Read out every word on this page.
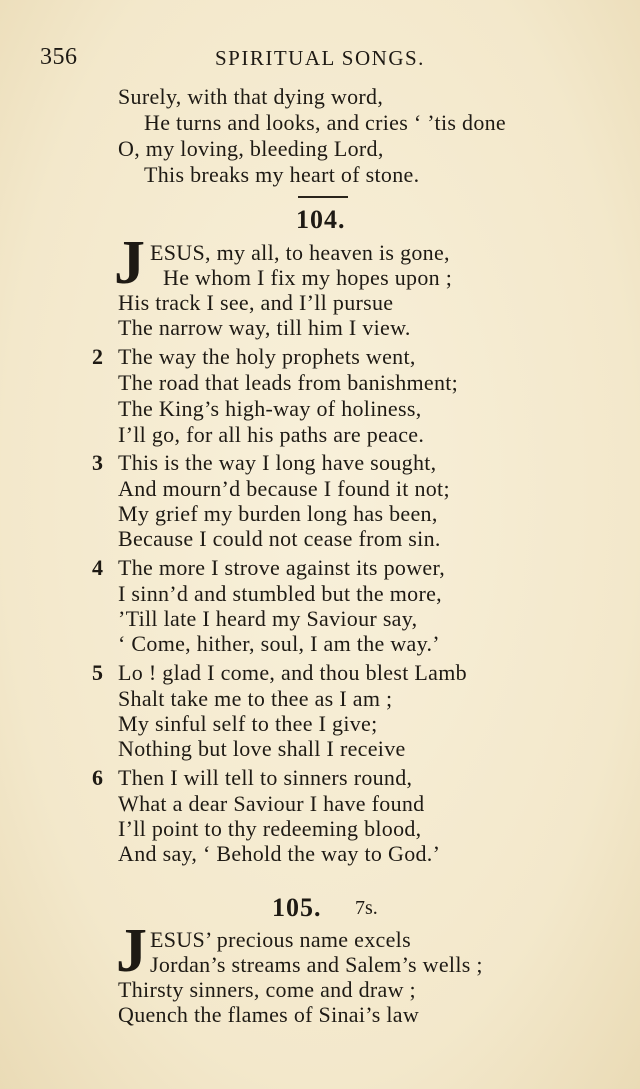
356	SPIRITUAL SONGS.
Surely, with that dying word,
He turns and looks, and cries ‘ ’tis done
O, my loving, bleeding Lord,
This breaks my heart of stone.
104.
J ESUS, my all, to heaven is gone,
He whom I fix my hopes upon ;
His track I see, and I’ll pursue
The narrow way, till him I view.
2 The way the holy prophets went,
The road that leads from banishment;
The King’s high-way of holiness,
I’ll go, for all his paths are peace.
3 This is the way I long have sought,
And mourn’d because I found it not;
My grief my burden long has been,
Because I could not cease from sin.
4 The more I strove against its power,
I sinn’d and stumbled but the more,
’Till late I heard my Saviour say,
‘ Come, hither, soul, I am the way.’
5 Lo ! glad I come, and thou blest Lamb
Shalt take me to thee as I am ;
My sinful self to thee I give;
Nothing but love shall I receive
6 Then I will tell to sinners round,
What a dear Saviour I have found
I’ll point to thy redeeming blood,
And say, ‘ Behold the way to God.’
105. 7s.
J ESUS’ precious name excels
Jordan’s streams and Salem’s wells ;
Thirsty sinners, come and draw ;
Quench the flames of Sinai’s law
